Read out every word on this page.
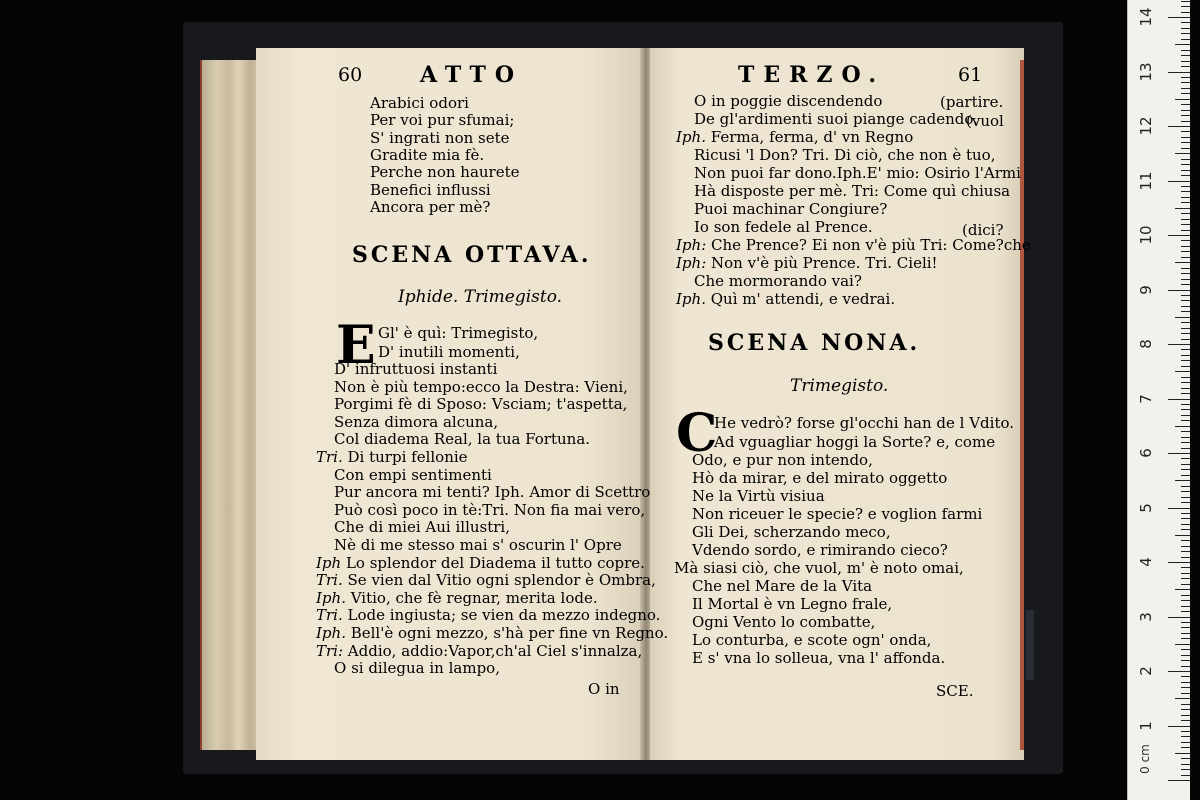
60	ATTO
Arabici odori
Per voi pur sfumai;
S' ingrati non sete
Gradite mia fè.
Perche non haurete
Benefici influssi
Ancora per mè?
SCENA OTTAVA.
Iphide. Trimegisto.
E Gl' è quì: Trimegisto,
D' inutili momenti,
D' infruttuosi instanti
Non è più tempo:ecco la Destra: Vieni,
Porgimi fè di Sposo: Vsciam; t'aspetta,
Senza dimora alcuna,
Col diadema Real, la tua Fortuna.
Tri. Di turpi fellonie
Con empi sentimenti
Pur ancora mi tenti? Iph. Amor di Scettro
Può così poco in tè:Tri. Non fia mai vero,
Che di miei Aui illustri,
Nè di me stesso mai s' oscurin l' Opre
Iph Lo splendor del Diadema il tutto copre.
Tri. Se vien dal Vitio ogni splendor è Ombra,
Iph. Vitio, che fè regnar, merita lode.
Tri. Lode ingiusta; se vien da mezzo indegno.
Iph. Bell'è ogni mezzo, s'hà per fine vn Regno.
Tri: Addio, addio:Vapor,ch'al Ciel s'innalza,
O si dilegua in lampo,
O in
TERZO.	61
O in poggie discendendo
De gl'ardimenti suoi piange cadendo.
Iph. Ferma, ferma, d' vn Regno
Ricusi 'l Don? Tri. Di ciò, che non è tuo,
Non puoi far dono.Iph.E' mio: Osirio l'Armi
Hà disposte per mè. Tri: Come quì chiusa
Puoi machinar Congiure?
Io son fedele al Prence.
Iph: Che Prence? Ei non v'è più Tri: Come?che
Iph: Non v'è più Prence. Tri. Cieli!
Che mormorando vai?
Iph. Quì m' attendi, e vedrai.
(partire.
(vuol
(dici?
SCENA NONA.
Trimegisto.
C
He vedrò? forse gl'occhi han de l Vdito.
Ad vguagliar hoggi la Sorte? e, come
Odo, e pur non intendo,
Hò da mirar, e del mirato oggetto
Ne la Virtù visiua
Non riceuer le specie? e voglion farmi
Gli Dei, scherzando meco,
Vdendo sordo, e rimirando cieco?
Mà siasi ciò, che vuol, m' è noto omai,
Che nel Mare de la Vita
Il Mortal è vn Legno frale,
Ogni Vento lo combatte,
Lo conturba, e scote ogn' onda,
E s' vna lo solleua, vna l' affonda.
SCE.
0 cm
14
13
12
11
10
9
8
7
6
5
4
3
2
1
